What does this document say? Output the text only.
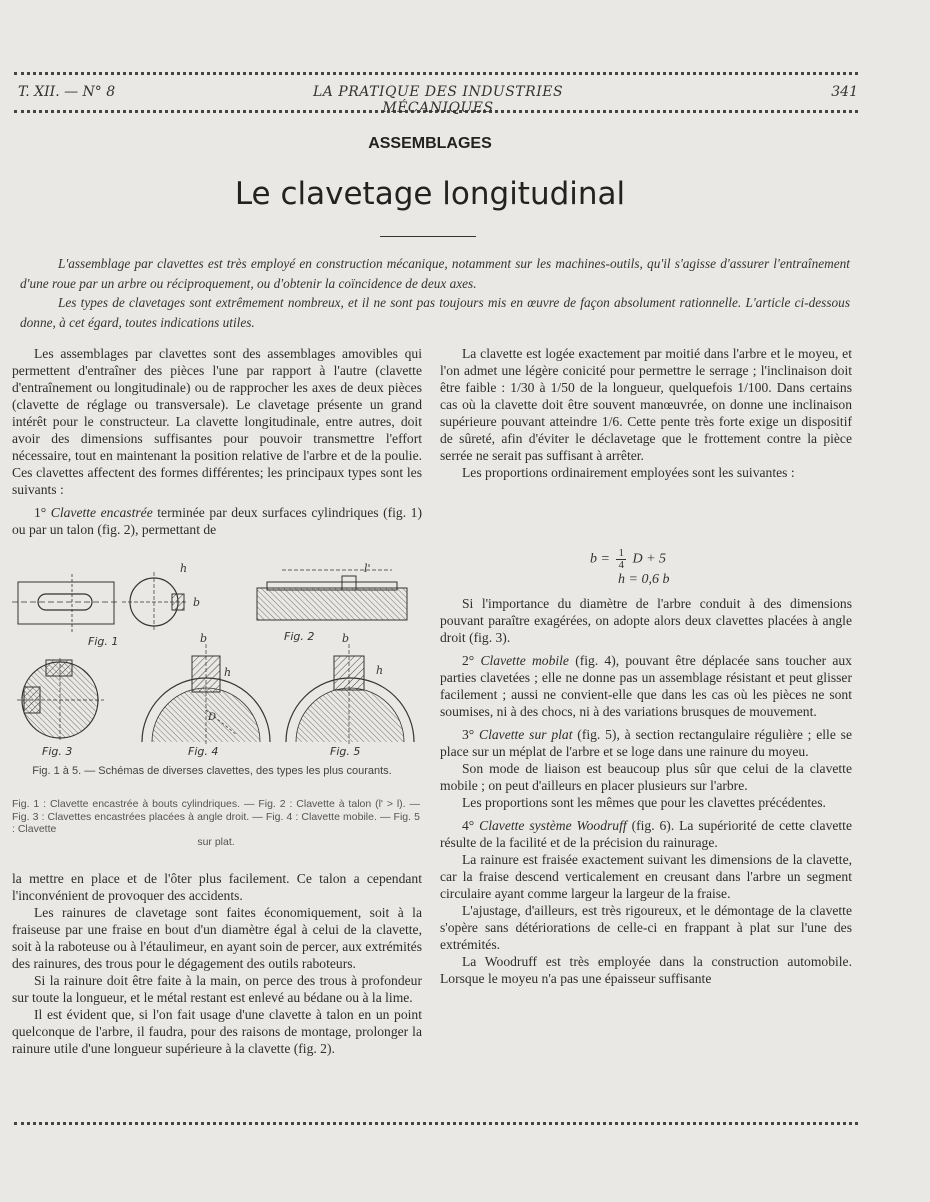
T. XII. — N° 8	LA PRATIQUE DES INDUSTRIES MÉCANIQUES
341
ASSEMBLAGES
Le clavetage longitudinal

L'assemblage par clavettes est très employé en construction mécanique, notamment sur les machines-outils, qu'il s'agisse d'assurer l'entraînement d'une roue par un arbre ou réciproquement, ou d'obtenir la coïncidence de deux axes.

Les types de clavetages sont extrêmement nombreux, et il ne sont pas toujours mis en œuvre de façon absolument rationnelle. L'article ci-dessous donne, à cet égard, toutes indications utiles.

Les assemblages par clavettes sont des assemblages amovibles qui permettent d'entraîner des pièces l'une par rapport à l'autre (clavette d'entraînement ou longitudinale) ou de rapprocher les axes de deux pièces (clavette de réglage ou transversale). Le clavetage présente un grand intérêt pour le constructeur. La clavette longitudinale, entre autres, doit avoir des dimensions suffisantes pour pouvoir transmettre l'effort nécessaire, tout en maintenant la position relative de l'arbre et de la poulie. Ces clavettes affectent des formes différentes; les principaux types sont les suivants :

1° Clavette encastrée terminée par deux surfaces cylindriques (fig. 1) ou par un talon (fig. 2), permettant de

h
b
Fig. 1
l'
Fig. 2
Fig. 3
b
h
D
Fig. 4
b
h
Fig. 5
Fig. 1 à 5. — Schémas de diverses clavettes, des types les plus courants.
Fig. 1 : Clavette encastrée à bouts cylindriques. — Fig. 2 : Clavette à talon (l' > l). — Fig. 3 : Clavettes encastrées placées à angle droit. — Fig. 4 : Clavette mobile. — Fig. 5 : Clavette
sur plat.

la mettre en place et de l'ôter plus facilement. Ce talon a cependant l'inconvénient de provoquer des accidents.

Les rainures de clavetage sont faites économiquement, soit à la fraiseuse par une fraise en bout d'un diamètre égal à celui de la clavette, soit à la raboteuse ou à l'étaulimeur, en ayant soin de percer, aux extrémités des rainures, des trous pour le dégagement des outils raboteurs.

Si la rainure doit être faite à la main, on perce des trous à profondeur sur toute la longueur, et le métal restant est enlevé au bédane ou à la lime.

Il est évident que, si l'on fait usage d'une clavette à talon en un point quelconque de l'arbre, il faudra, pour des raisons de montage, prolonger la rainure utile d'une longueur supérieure à la clavette (fig. 2).

La clavette est logée exactement par moitié dans l'arbre et le moyeu, et l'on admet une légère conicité pour permettre le serrage ; l'inclinaison doit être faible : 1/30 à 1/50 de la longueur, quelquefois 1/100. Dans certains cas où la clavette doit être souvent manœuvrée, on donne une inclinaison supérieure pouvant atteindre 1/6. Cette pente très forte exige un dispositif de sûreté, afin d'éviter le déclavetage que le frottement contre la pièce serrée ne serait pas suffisant à arrêter.

Les proportions ordinairement employées sont les suivantes :

$b = \frac{1}{4}$ D + 5
h = 0,6 b

Si l'importance du diamètre de l'arbre conduit à des dimensions pouvant paraître exagérées, on adopte alors deux clavettes placées à angle droit (fig. 3).

2° Clavette mobile (fig. 4), pouvant être déplacée sans toucher aux parties clavetées ; elle ne donne pas un assemblage résistant et peut glisser facilement ; aussi ne convient-elle que dans les cas où les pièces ne sont soumises, ni à des chocs, ni à des variations brusques de mouvement.

3° Clavette sur plat (fig. 5), à section rectangulaire régulière ; elle se place sur un méplat de l'arbre et se loge dans une rainure du moyeu.

Son mode de liaison est beaucoup plus sûr que celui de la clavette mobile ; on peut d'ailleurs en placer plusieurs sur l'arbre.

Les proportions sont les mêmes que pour les clavettes précédentes.

4° Clavette système Woodruff (fig. 6). La supériorité de cette clavette résulte de la facilité et de la précision du rainurage.

La rainure est fraisée exactement suivant les dimensions de la clavette, car la fraise descend verticalement en creusant dans l'arbre un segment circulaire ayant comme largeur la largeur de la fraise.

L'ajustage, d'ailleurs, est très rigoureux, et le démontage de la clavette s'opère sans détériorations de celle-ci en frappant à plat sur l'une des extrémités.

La Woodruff est très employée dans la construction automobile. Lorsque le moyeu n'a pas une épaisseur suffisante
